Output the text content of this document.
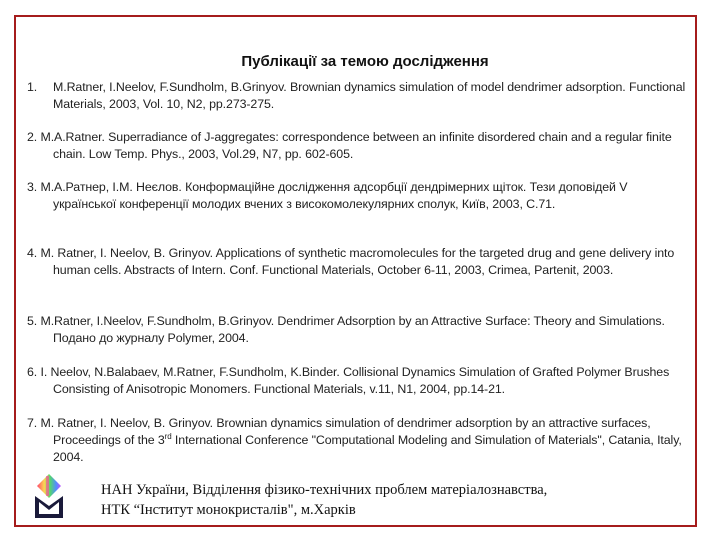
Публікації за темою дослідження
1. M.Ratner, I.Neelov, F.Sundholm, B.Grinyov. Brownian dynamics simulation of model dendrimer adsorption. Functional Materials, 2003, Vol. 10, N2, pp.273-275.
2. M.A.Ratner. Superradiance of J-aggregates: correspondence between an infinite disordered chain and a regular finite chain. Low Temp. Phys., 2003, Vol.29, N7, pp. 602-605.
3. М.А.Ратнер, І.М. Неєлов. Конформаційне дослідження адсорбції дендрімерних щіток. Тези доповідей V української конференції молодих вчених з високомолекулярних сполук, Київ, 2003, С.71.
4. M. Ratner, I. Neelov, B. Grinyov. Applications of synthetic macromolecules for the targeted drug and gene delivery into human cells. Abstracts of Intern. Conf. Functional Materials, October 6-11, 2003, Crimea, Partenit, 2003.
5. M.Ratner, I.Neelov, F.Sundholm, B.Grinyov. Dendrimer Adsorption by an Attractive Surface: Theory and Simulations. Подано до журналу Polymer, 2004.
6. I. Neelov, N.Balabaev, M.Ratner, F.Sundholm, K.Binder. Collisional Dynamics Simulation of Grafted Polymer Brushes Consisting of Anisotropic Monomers. Functional Materials, v.11, N1, 2004, pp.14-21.
7. M. Ratner, I. Neelov, B. Grinyov. Brownian dynamics simulation of dendrimer adsorption by an attractive surfaces, Proceedings of the 3rd International Conference "Computational Modeling and Simulation of Materials", Catania, Italy, 2004.
НАН України, Відділення фізико-технічних проблем матеріалознавства,
НТК “Інститут монокристалів", м.Харків
